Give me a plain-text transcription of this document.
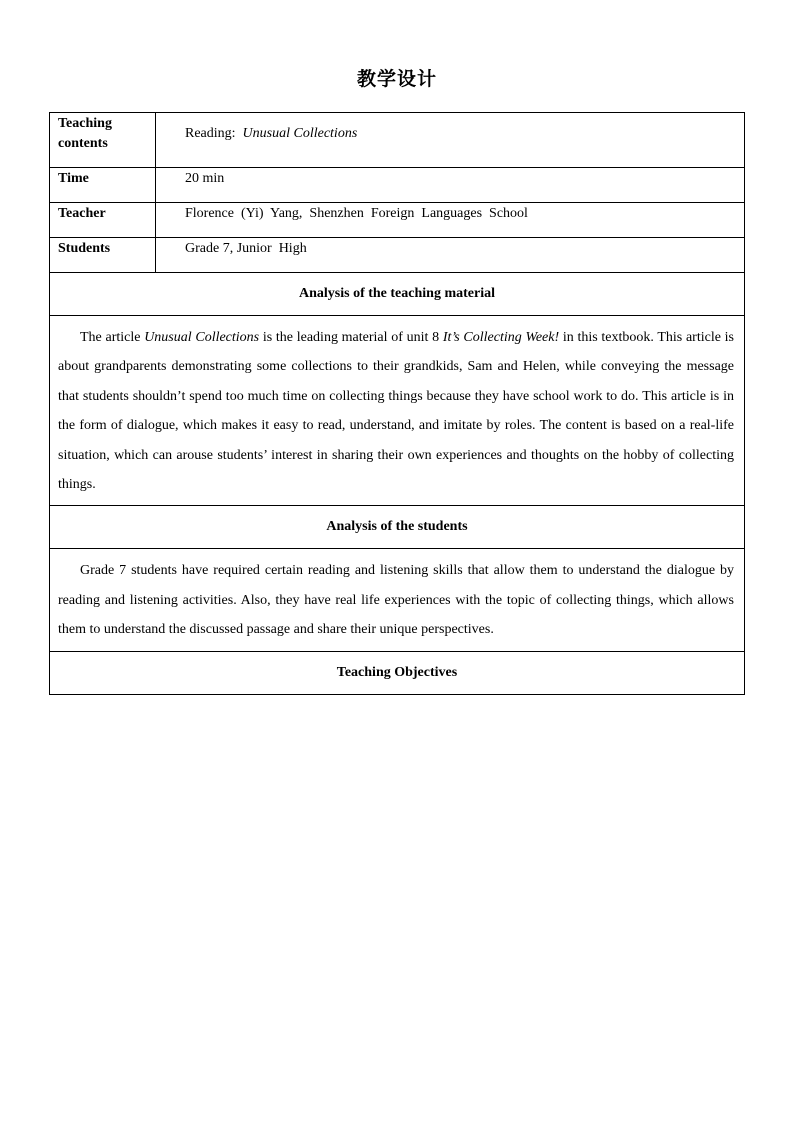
教学设计
Teaching contents	Reading:  Unusual Collections
Time	20 min
Teacher	Florence  (Yi)  Yang,  Shenzhen  Foreign  Languages  School
Students	Grade 7, Junior  High
Analysis of the teaching material	
The article Unusual Collections is the leading material of unit 8 It’s Collecting Week! in this textbook. This article is about grandparents demonstrating some collections to their grandkids, Sam and Helen, while conveying the message that students shouldn’t spend too much time on collecting things because they have school work to do. This article is in the form of dialogue, which makes it easy to read, understand, and imitate by roles. The content is based on a real-life situation, which can arouse students’ interest in sharing their own experiences and thoughts on the hobby of collecting things.	
Analysis of the students	
Grade 7 students have required certain reading and listening skills that allow them to understand the dialogue by reading and listening activities. Also, they have real life experiences with the topic of collecting things, which allows them to understand the discussed passage and share their unique perspectives.	
Teaching Objectives	
